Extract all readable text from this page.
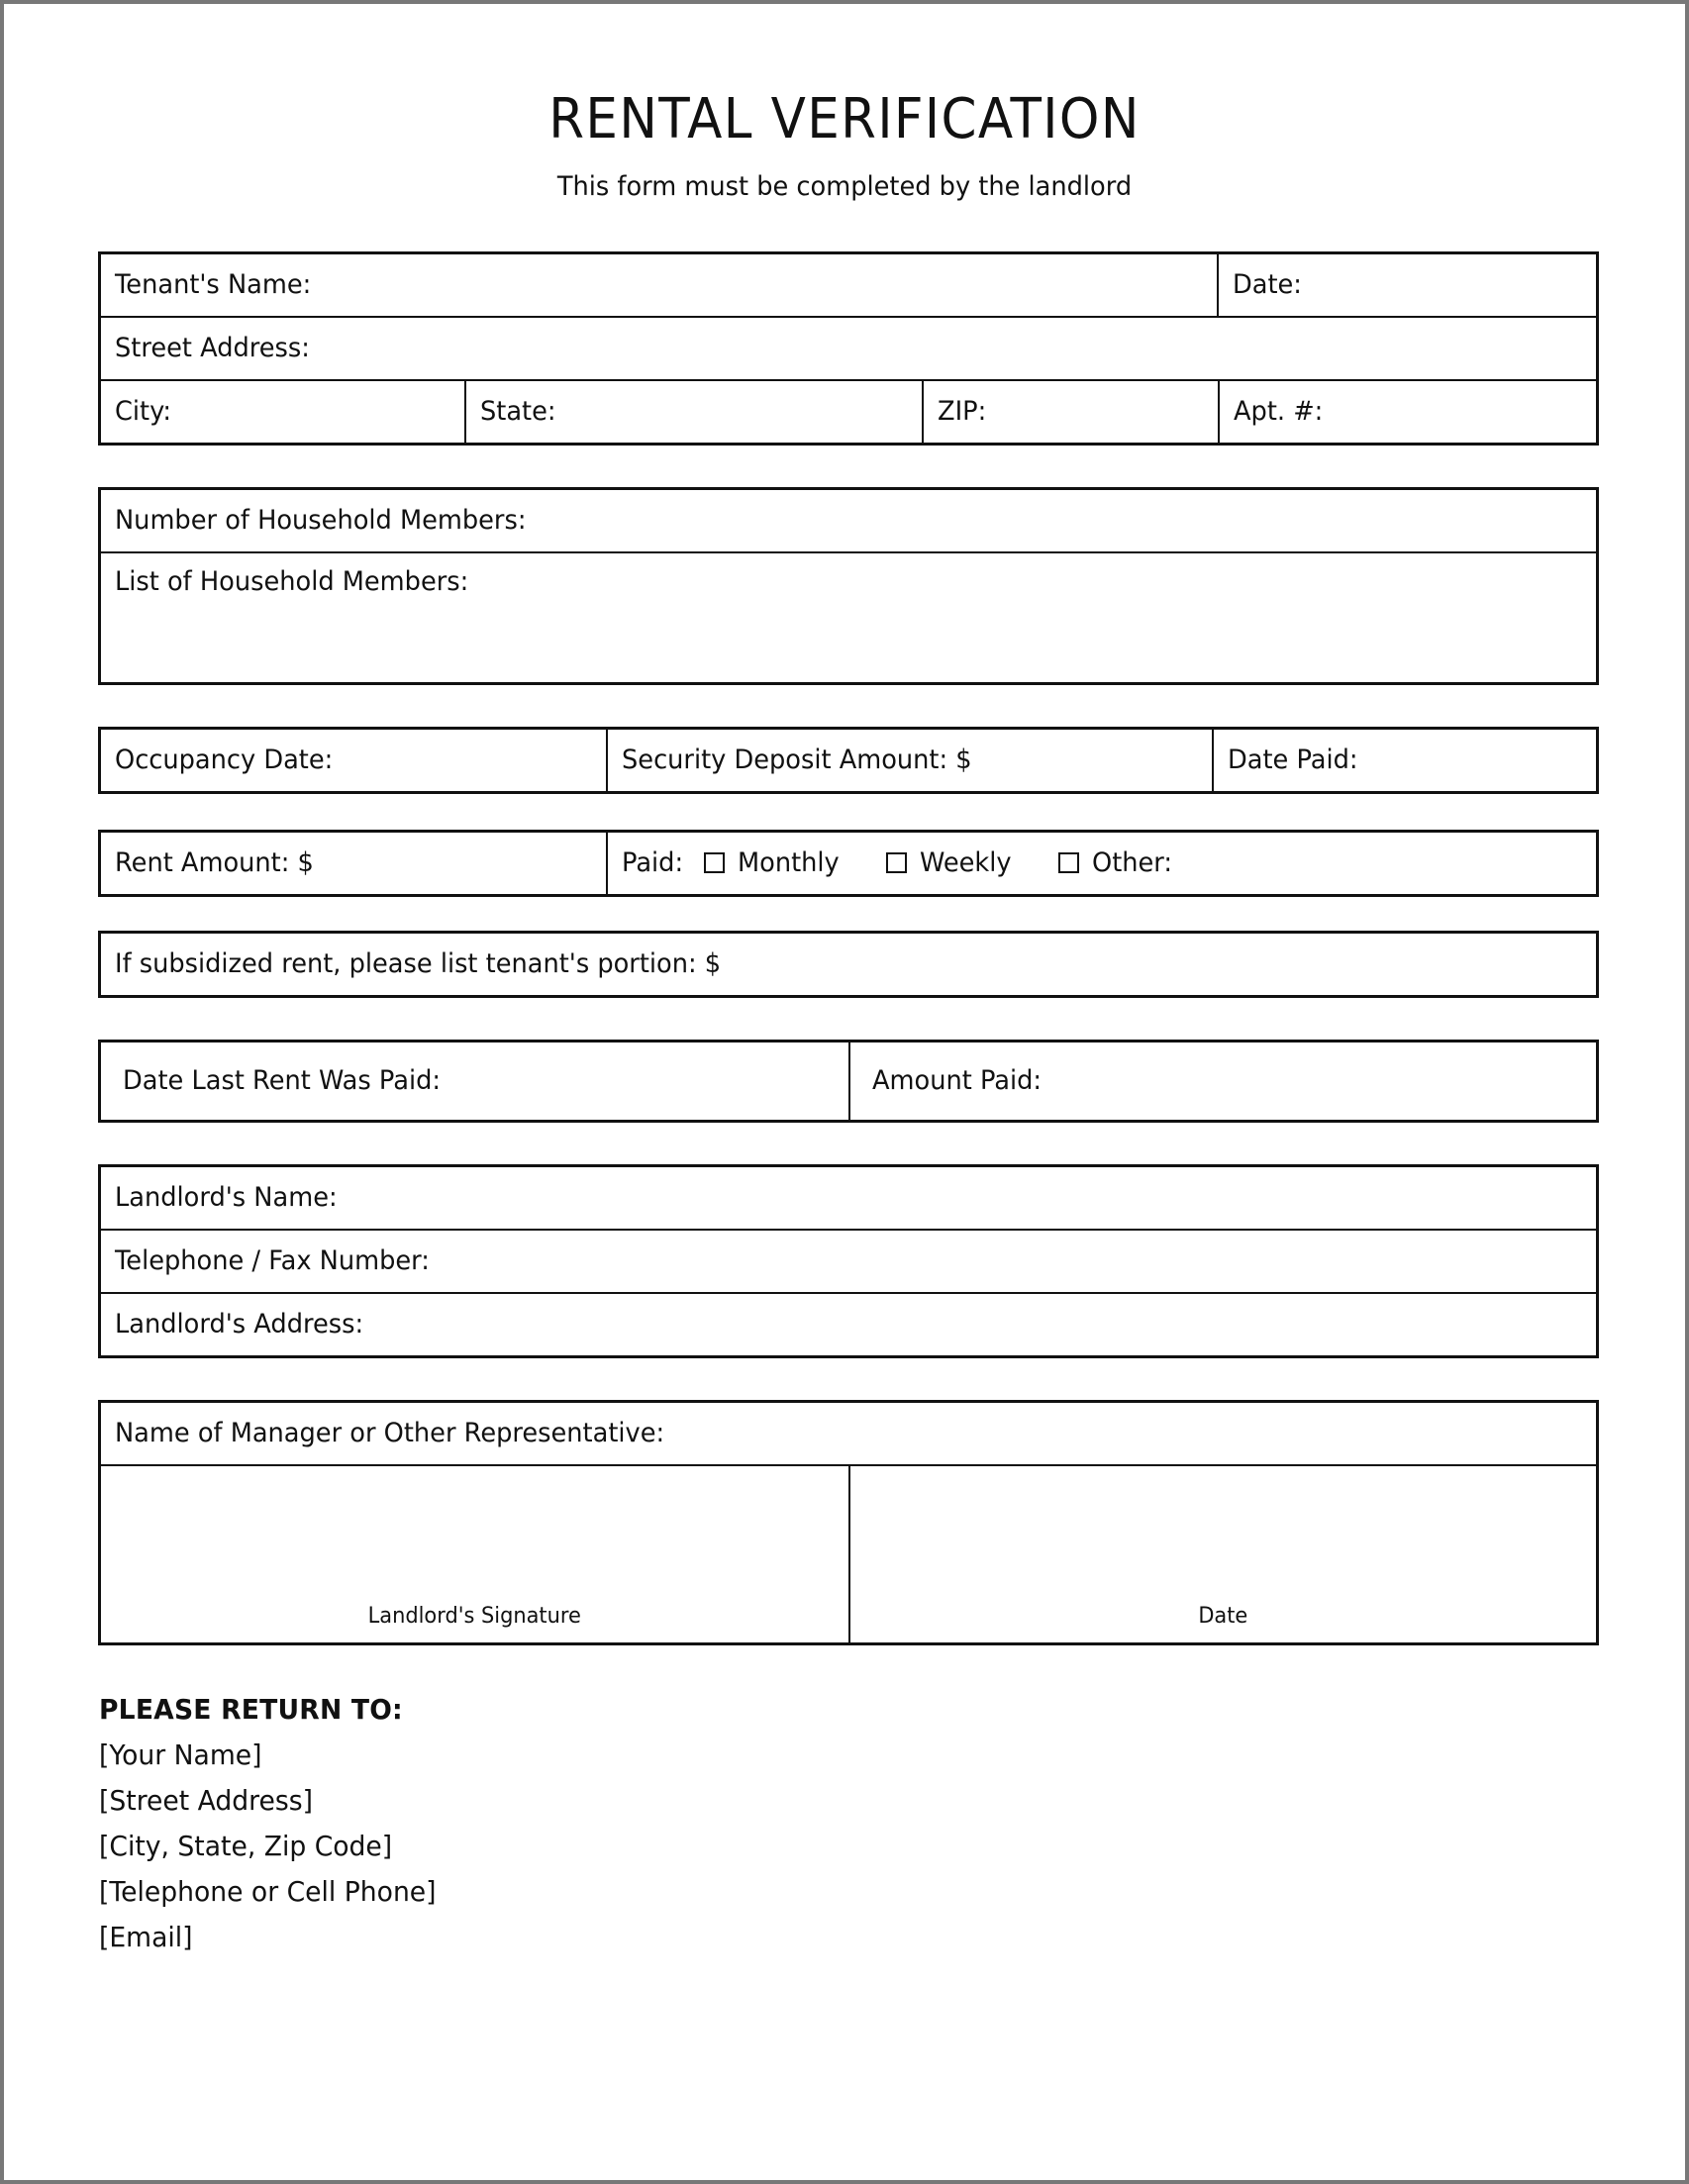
RENTAL VERIFICATION

This form must be completed by the landlord

Tenant's Name:	Date:
Street Address:
City:	State:	ZIP:	Apt. #:
Number of Household Members:
List of Household Members:
Occupancy Date:	Security Deposit Amount: $	Date Paid:
Rent Amount: $	Paid: Monthly	Weekly	Other:
If subsidized rent, please list tenant's portion: $
Date Last Rent Was Paid:	Amount Paid:
Landlord's Name:
Telephone / Fax Number:
Landlord's Address:
Name of Manager or Other Representative:
Landlord's Signature	Date
PLEASE RETURN TO:
[Your Name]
[Street Address]
[City, State, Zip Code]
[Telephone or Cell Phone]
[Email]
